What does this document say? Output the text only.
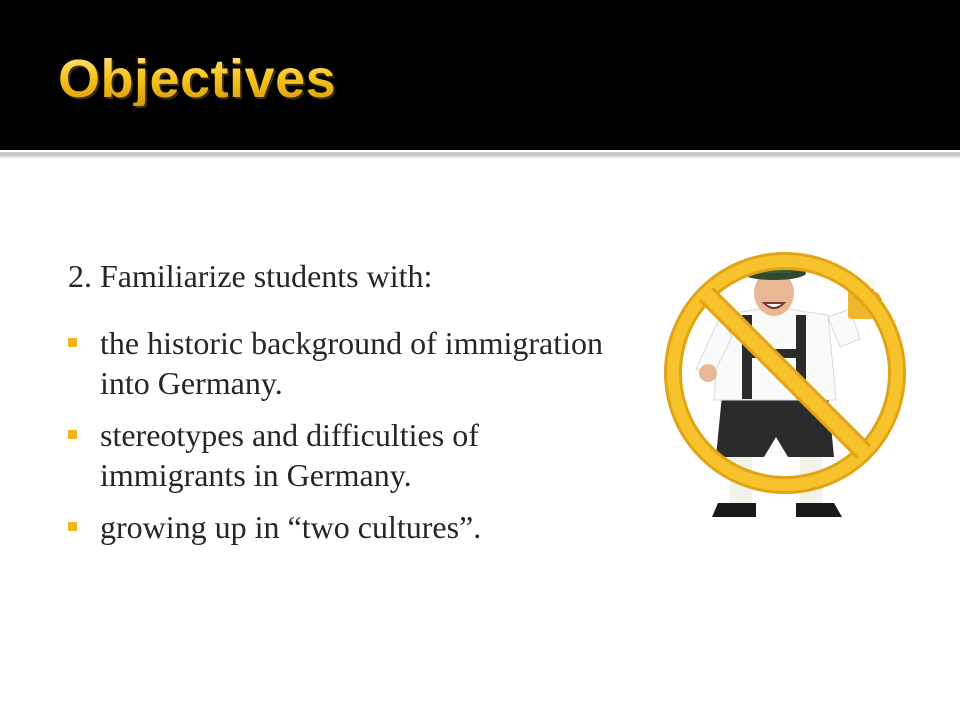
Objectives

2. Familiarize students with:

the historic background of immigration into Germany.
stereotypes and difficulties of immigrants in Germany.
growing up in “two cultures”.
